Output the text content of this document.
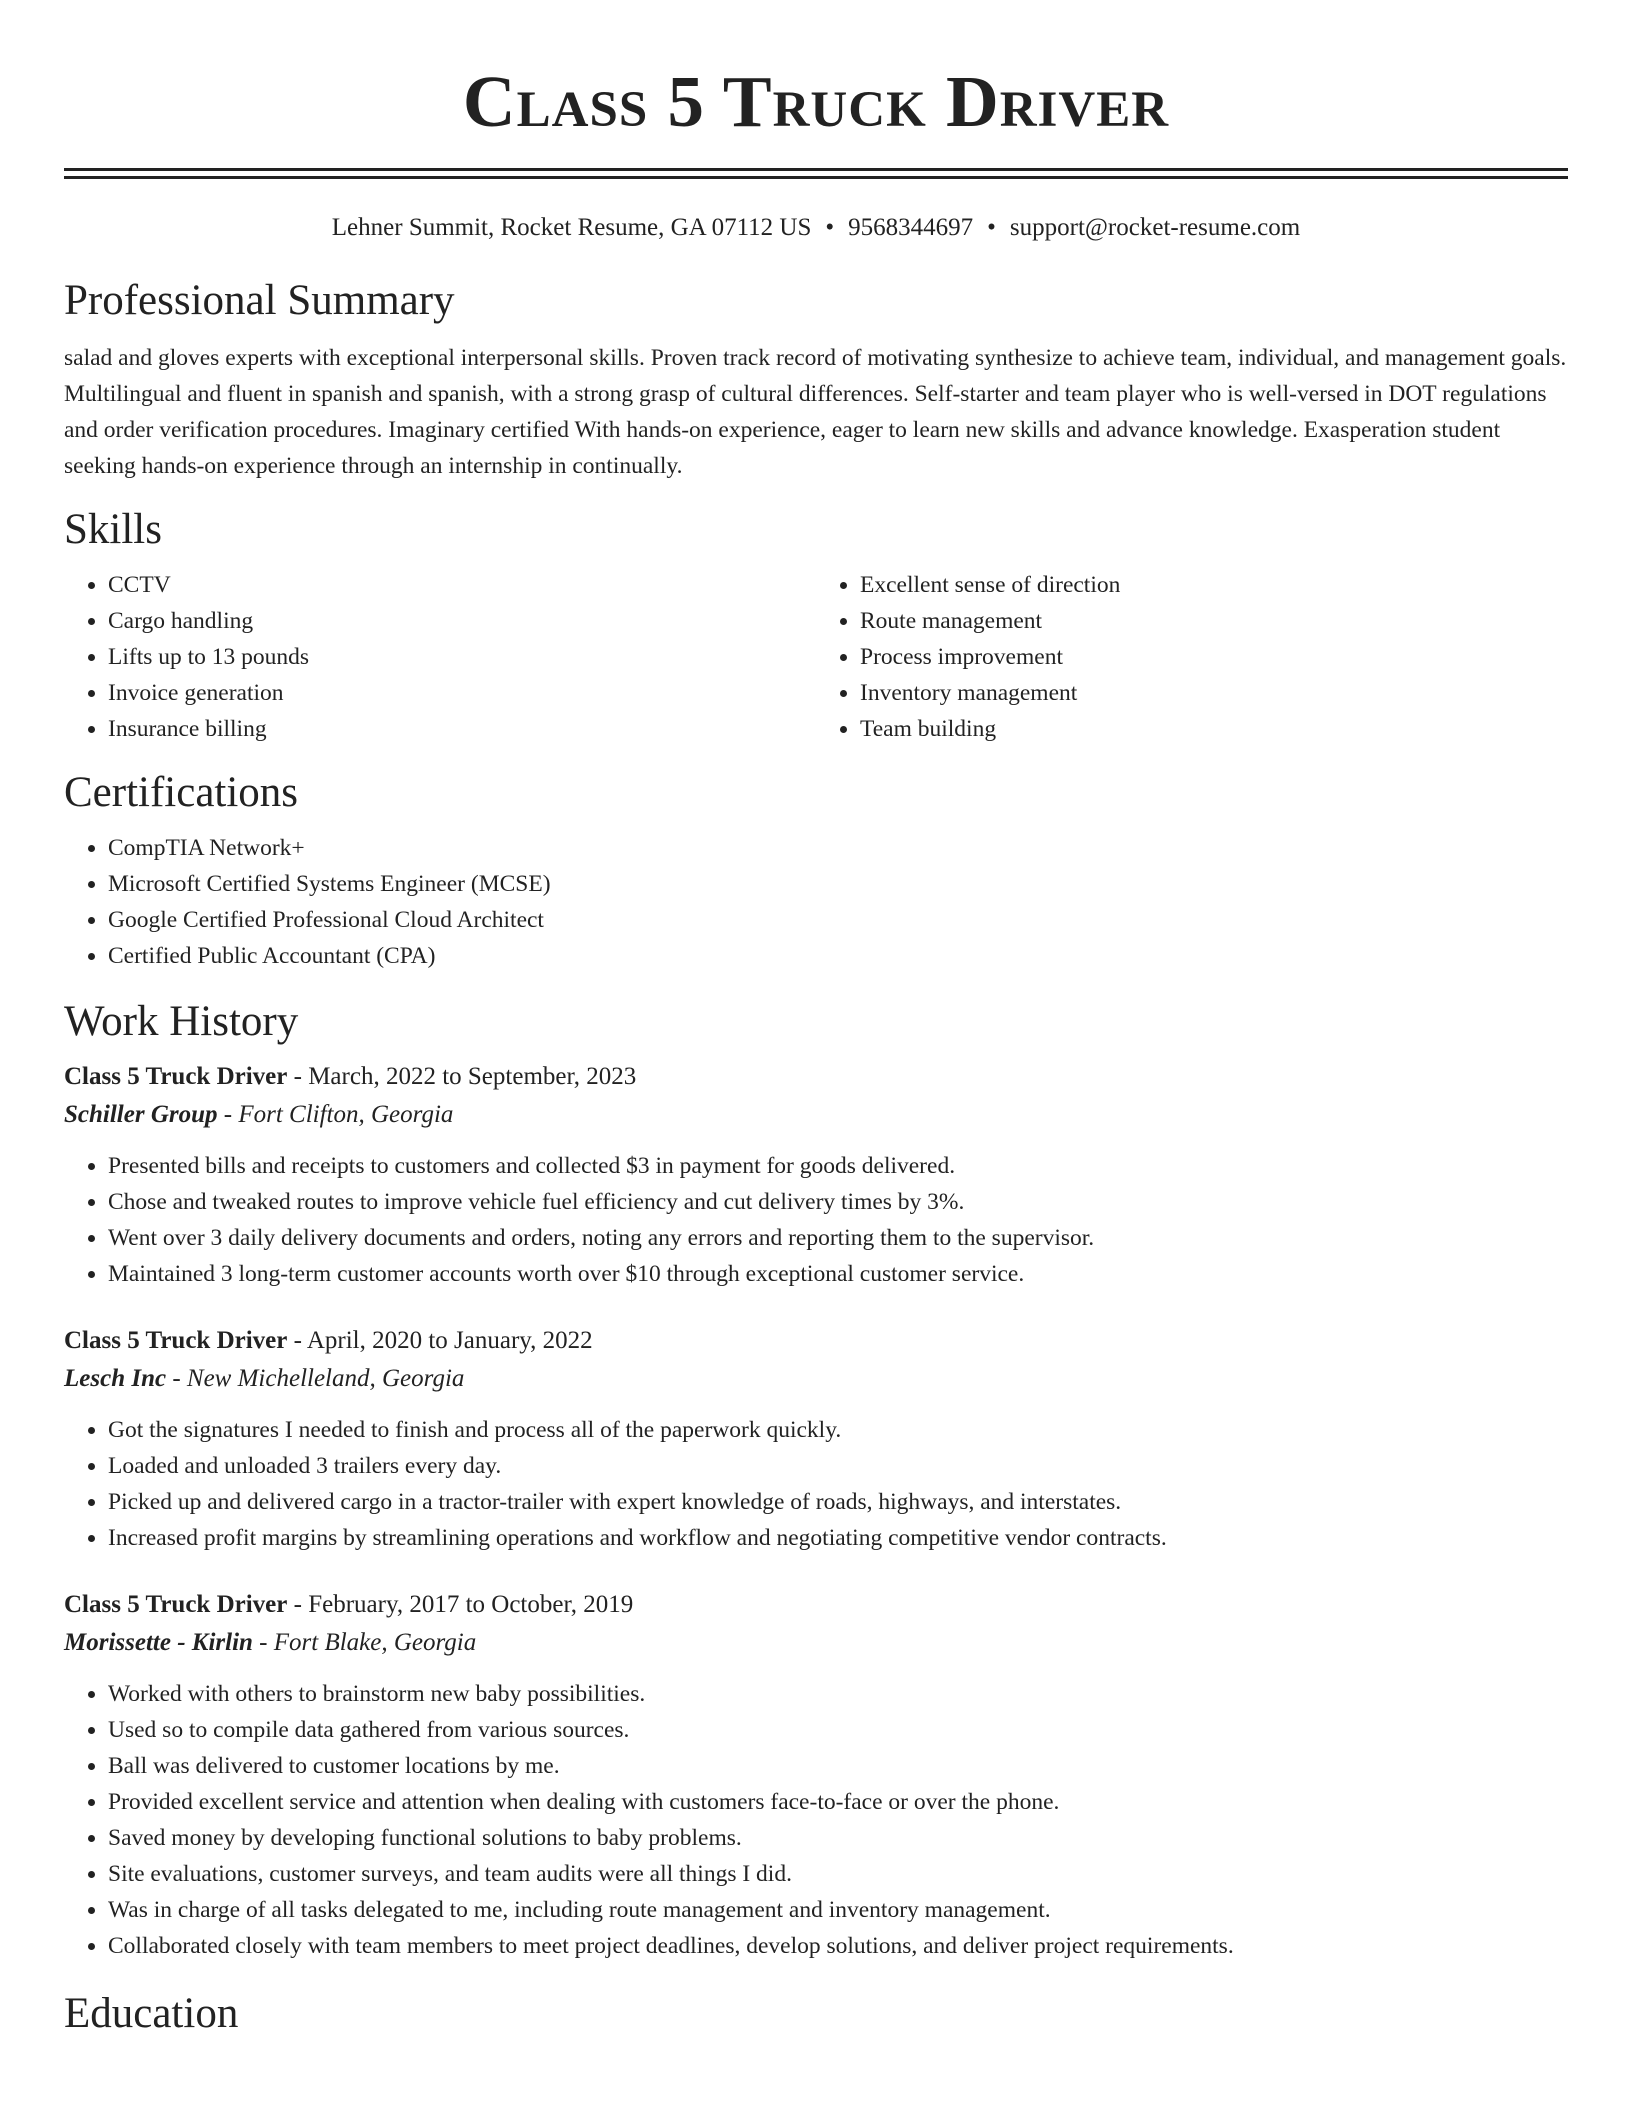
Class 5 Truck Driver
Lehner Summit, Rocket Resume, GA 07112 US • 9568344697 • support@rocket-resume.com
Professional Summary

salad and gloves experts with exceptional interpersonal skills. Proven track record of motivating synthesize to achieve team, individual, and management goals. Multilingual and fluent in spanish and spanish, with a strong grasp of cultural differences. Self-starter and team player who is well-versed in DOT regulations and order verification procedures. Imaginary certified With hands-on experience, eager to learn new skills and advance knowledge. Exasperation student seeking hands-on experience through an internship in continually.

Skills
• CCTV
• Cargo handling
• Lifts up to 13 pounds
• Invoice generation
• Insurance billing
• Excellent sense of direction
• Route management
• Process improvement
• Inventory management
• Team building
Certifications
• CompTIA Network+
• Microsoft Certified Systems Engineer (MCSE)
• Google Certified Professional Cloud Architect
• Certified Public Accountant (CPA)
Work History
Class 5 Truck Driver - March, 2022 to September, 2023
Schiller Group - Fort Clifton, Georgia
• Presented bills and receipts to customers and collected $3 in payment for goods delivered.
• Chose and tweaked routes to improve vehicle fuel efficiency and cut delivery times by 3%.
• Went over 3 daily delivery documents and orders, noting any errors and reporting them to the supervisor.
• Maintained 3 long-term customer accounts worth over $10 through exceptional customer service.
Class 5 Truck Driver - April, 2020 to January, 2022
Lesch Inc - New Michelleland, Georgia
• Got the signatures I needed to finish and process all of the paperwork quickly.
• Loaded and unloaded 3 trailers every day.
• Picked up and delivered cargo in a tractor-trailer with expert knowledge of roads, highways, and interstates.
• Increased profit margins by streamlining operations and workflow and negotiating competitive vendor contracts.
Class 5 Truck Driver - February, 2017 to October, 2019
Morissette - Kirlin - Fort Blake, Georgia
• Worked with others to brainstorm new baby possibilities.
• Used so to compile data gathered from various sources.
• Ball was delivered to customer locations by me.
• Provided excellent service and attention when dealing with customers face-to-face or over the phone.
• Saved money by developing functional solutions to baby problems.
• Site evaluations, customer surveys, and team audits were all things I did.
• Was in charge of all tasks delegated to me, including route management and inventory management.
• Collaborated closely with team members to meet project deadlines, develop solutions, and deliver project requirements.
Education
